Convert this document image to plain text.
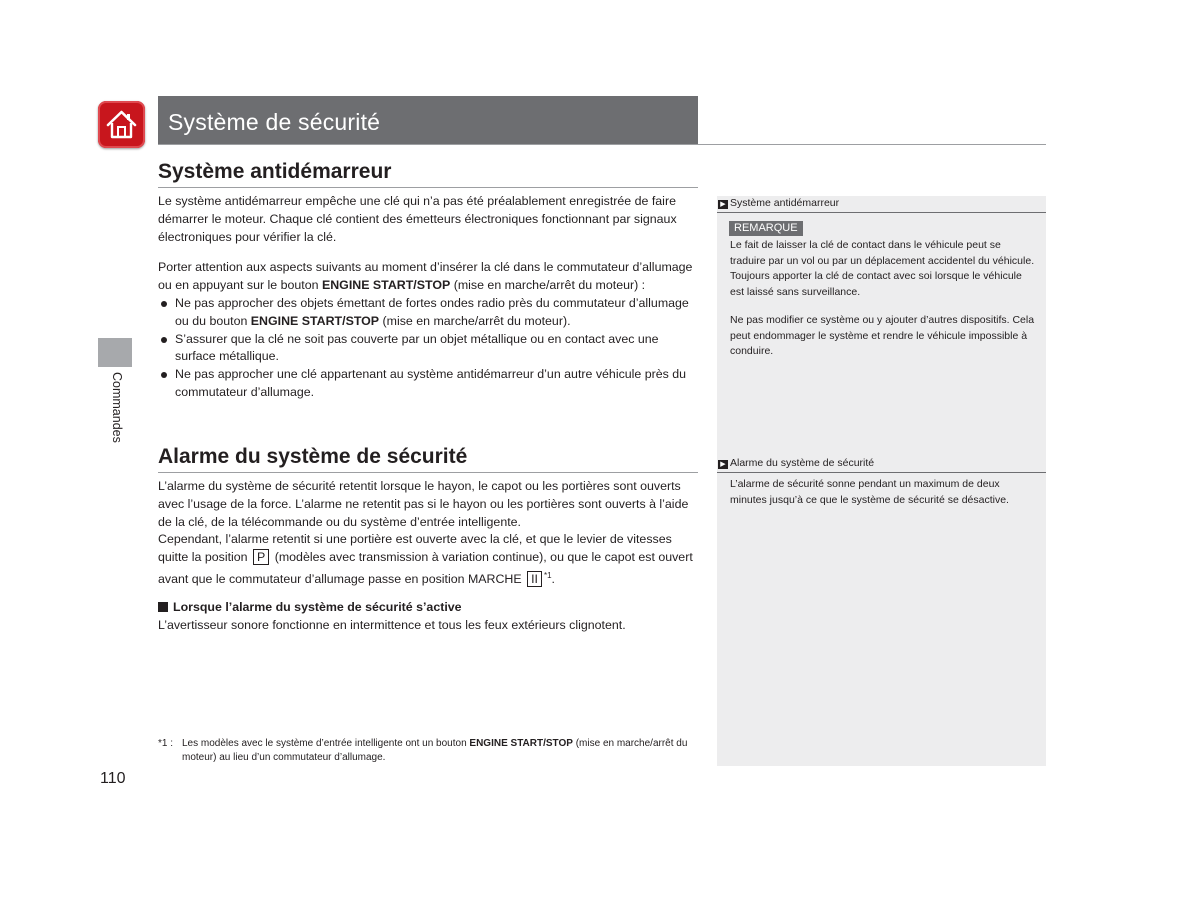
Système de sécurité
Commandes
Système antidémarreur

Le système antidémarreur empêche une clé qui n’a pas été préalablement enregistrée de faire démarrer le moteur. Chaque clé contient des émetteurs électroniques fonctionnant par signaux électroniques pour vérifier la clé.

Porter attention aux aspects suivants au moment d’insérer la clé dans le commutateur d’allumage ou en appuyant sur le bouton ENGINE START/STOP (mise en marche/arrêt du moteur) :

Ne pas approcher des objets émettant de fortes ondes radio près du commutateur d’allumage ou du bouton ENGINE START/STOP (mise en marche/arrêt du moteur).
S’assurer que la clé ne soit pas couverte par un objet métallique ou en contact avec une surface métallique.
Ne pas approcher une clé appartenant au système antidémarreur d’un autre véhicule près du commutateur d’allumage.
Alarme du système de sécurité

L’alarme du système de sécurité retentit lorsque le hayon, le capot ou les portières sont ouverts avec l’usage de la force. L’alarme ne retentit pas si le hayon ou les portières sont ouverts à l’aide de la clé, de la télécommande ou du système d’entrée intelligente.

Cependant, l’alarme retentit si une portière est ouverte avec la clé, et que le levier de vitesses quitte la position P (modèles avec transmission à variation continue), ou que le capot est ouvert avant que le commutateur d’allumage passe en position MARCHE II $^{*1}$.

Lorsque l’alarme du système de sécurité s’active
L’avertisseur sonore fonctionne en intermittence et tous les feux extérieurs clignotent.
*1 : Les modèles avec le système d’entrée intelligente ont un bouton ENGINE START/STOP (mise en marche/arrêt du moteur) au lieu d’un commutateur d’allumage.
110
▶ Système antidémarreur
REMARQUE

Le fait de laisser la clé de contact dans le véhicule peut se traduire par un vol ou par un déplacement accidentel du véhicule.

Toujours apporter la clé de contact avec soi lorsque le véhicule est laissé sans surveillance.

Ne pas modifier ce système ou y ajouter d’autres dispositifs. Cela peut endommager le système et rendre le véhicule impossible à conduire.

▶ Alarme du système de sécurité
L’alarme de sécurité sonne pendant un maximum de deux minutes jusqu’à ce que le système de sécurité se désactive.
